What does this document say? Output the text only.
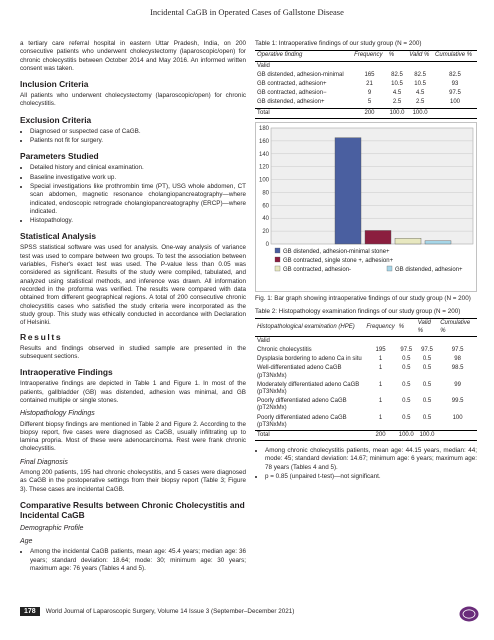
Incidental CaGB in Operated Cases of Gallstone Disease

a tertiary care referral hospital in eastern Uttar Pradesh, India, on 200 consecutive patients who underwent cholecystectomy (laparoscopic/open) for chronic cholecystitis between October 2014 and May 2016. An informed written consent was taken.

Inclusion Criteria

All patients who underwent cholecystectomy (laparoscopic/open) for chronic cholecystitis.

Exclusion Criteria
• Diagnosed or suspected case of CaGB.
• Patients not fit for surgery.
Parameters Studied
• Detailed history and clinical examination.
• Baseline investigative work up.
• Special investigations like prothrombin time (PT), USG whole abdomen, CT scan abdomen, magnetic resonance cholangiopancreatography—where indicated, endoscopic retrograde cholangiopancreatography (ERCP)—where indicated.
• Histopathology.
Statistical Analysis

SPSS statistical software was used for analysis. One-way analysis of variance test was used to compare between two groups. To test the association between variables, Fisher's exact test was used. The P-value less than 0.05 was considered as significant. Results of the study were compiled, tabulated, and analyzed using statistical methods, and inference was drawn. All information recorded in the proforma was verified. The results were compared with data obtained from different geographical regions. A total of 200 consecutive chronic cholecystitis cases who satisfied the study criteria were incorporated as the study group. This study was ethically conducted in accordance with Declaration of Helsinki.

Results

Results and findings observed in studied sample are presented in the subsequent sections.

Intraoperative Findings

Intraoperative findings are depicted in Table 1 and Figure 1. In most of the patients, gallbladder (GB) was distended, adhesion was minimal, and GB contained multiple or single stones.

Histopathology Findings

Different biopsy findings are mentioned in Table 2 and Figure 2. According to the biopsy report, five cases were diagnosed as CaGB, usually infiltrating up to lamina propria. Most of these were adenocarcinoma. Rest were frank chronic cholecystitis.

Final Diagnosis

Among 200 patients, 195 had chronic cholecystitis, and 5 cases were diagnosed as CaGB in the postoperative settings from their biopsy report (Table 3; Figure 3). These cases are incidental CaGB.

Comparative Results between Chronic Cholecystitis and Incidental CaGB
Demographic Profile
Age
• Among the incidental CaGB patients, mean age: 45.4 years; median age: 36 years; standard deviation: 18.64; mode: 30; minimum age: 30 years; maximum age: 76 years (Tables 4 and 5).
Table 1: Intraoperative findings of our study group (N = 200)
Operative finding	Frequency	%	Valid %	Cumulative %
Valid				
GB distended, adhesion-minimal	165	82.5	82.5	82.5
GB contracted, adhesion+	21	10.5	10.5	93
GB contracted, adhesion−	9	4.5	4.5	97.5
GB distended, adhesion+	5	2.5	2.5	100
Total	200	100.0	100.0	
0
20
40
60
80
100
120
140
160
180
GB distended, adhesion-minimal stone+
GB contracted, single stone +, adhesion+
GB contracted, adhesion-	GB distended, adhesion+
Fig. 1: Bar graph showing intraoperative findings of our study group (N = 200)
Table 2: Histopathology examination findings of our study group (N = 200)
Histopathological examination (HPE)	Frequency	%	Valid %	Cumulative %
Valid				
Chronic cholecystitis	195	97.5	97.5	97.5
Dysplasia bordering to adeno Ca in situ	1	0.5	0.5	98
Well-differentiated adeno CaGB (pT3NxMx)	1	0.5	0.5	98.5
Moderately differentiated adeno CaGB (pT3NxMx)	1	0.5	0.5	99
Poorly differentiated adeno CaGB (pT2NxMx)	1	0.5	0.5	99.5
Poorly differentiated adeno CaGB (pT3NxMx)	1	0.5	0.5	100
Total	200	100.0	100.0	
• Among chronic cholecystitis patients, mean age: 44.15 years, median: 44; mode: 45; standard deviation: 14.67; minimum age: 6 years; maximum age: 78 years (Tables 4 and 5).
• p = 0.85 (unpaired t-test)—not significant.
178	World Journal of Laparoscopic Surgery, Volume 14 Issue 3 (September–December 2021)
